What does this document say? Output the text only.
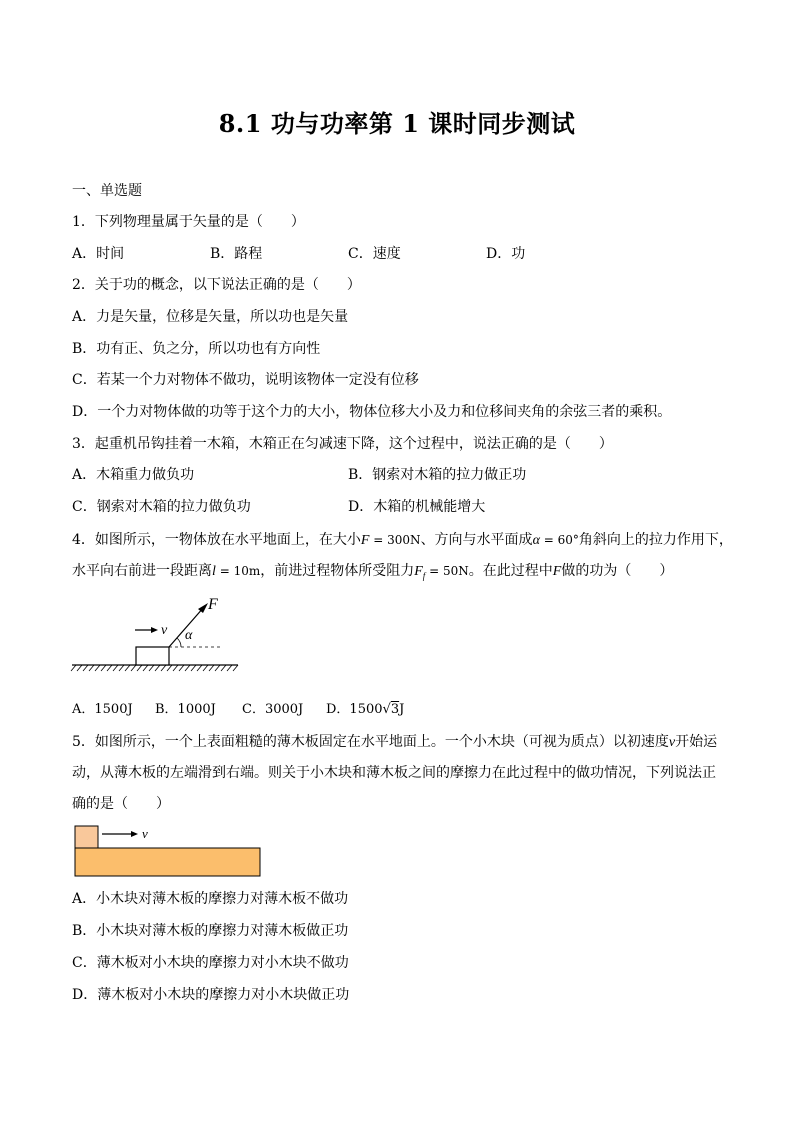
8.1 功与功率第 1 课时同步测试
一、单选题
1．下列物理量属于矢量的是（　　）
A．时间	B．路程	C．速度	D．功
2．关于功的概念，以下说法正确的是（　　）
A．力是矢量，位移是矢量，所以功也是矢量
B．功有正、负之分，所以功也有方向性
C．若某一个力对物体不做功，说明该物体一定没有位移
D．一个力对物体做的功等于这个力的大小，物体位移大小及力和位移间夹角的余弦三者的乘积。
3．起重机吊钩挂着一木箱，木箱正在匀减速下降，这个过程中，说法正确的是（　　）
A．木箱重力做负功	B．钢索对木箱的拉力做正功
C．钢索对木箱的拉力做负功	D．木箱的机械能增大
4．如图所示，一物体放在水平地面上，在大小F = 300N、方向与水平面成α = 60°角斜向上的拉力作用下，
水平向右前进一段距离l = 10m，前进过程物体所受阻力$F_f = 50N$。在此过程中F做的功为（　　）
v
F
α
A．1500J B．1000J C．3000J D．1500√3J
5．如图所示，一个上表面粗糙的薄木板固定在水平地面上。一个小木块（可视为质点）以初速度v开始运
动，从薄木板的左端滑到右端。则关于小木块和薄木板之间的摩擦力在此过程中的做功情况，下列说法正
确的是（　　）
v
A．小木块对薄木板的摩擦力对薄木板不做功
B．小木块对薄木板的摩擦力对薄木板做正功
C．薄木板对小木块的摩擦力对小木块不做功
D．薄木板对小木块的摩擦力对小木块做正功
